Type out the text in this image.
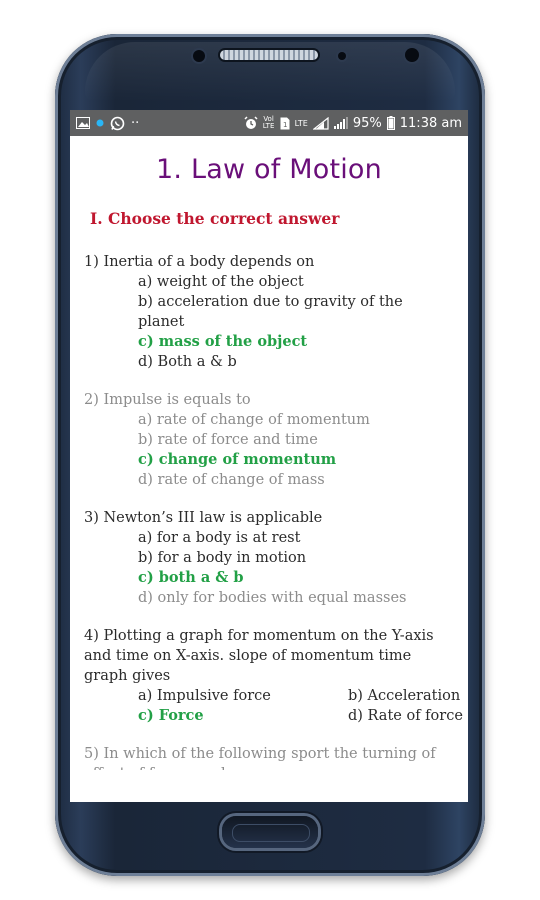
··	Vol LTE 1 LTE	95% 11:38 am
1. Law of Motion
I. Choose the correct answer
1) Inertia of a body depends on
a) weight of the object
b) acceleration due to gravity of the planet
c) mass of the object
d) Both a & b
2) Impulse is equals to
a) rate of change of momentum
b) rate of force and time
c) change of momentum
d) rate of change of mass
3) Newton’s III law is applicable
a) for a body is at rest
b) for a body in motion
c) both a & b
d) only for bodies with equal masses
4) Plotting a graph for momentum on the Y-axis and time on X-axis. slope of momentum time graph gives
a) Impulsive force	b) Acceleration
c) Force	d) Rate of force
5) In which of the following sport the turning of
